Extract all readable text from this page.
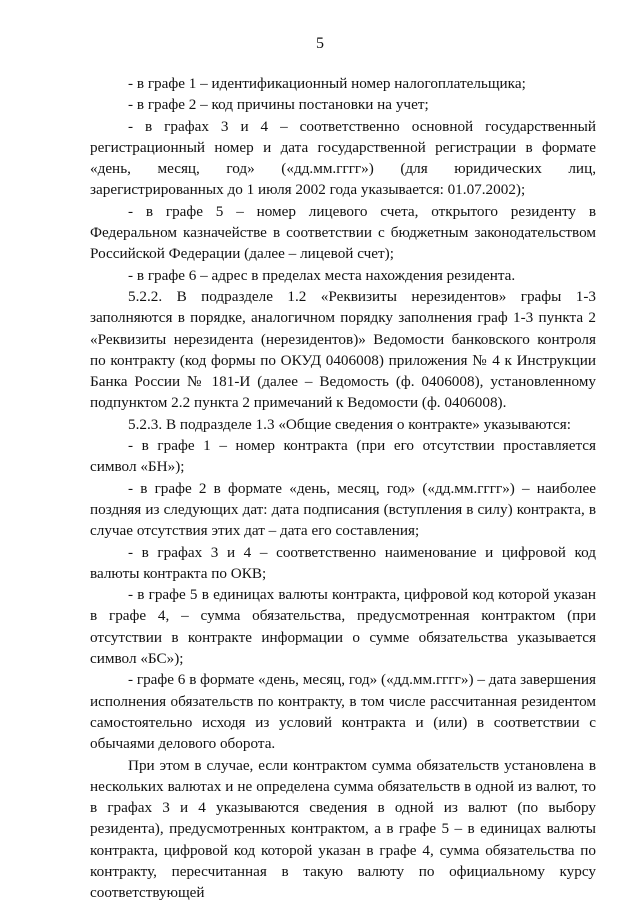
5

- в графе 1 – идентификационный номер налогоплательщика;

- в графе 2 – код причины постановки на учет;

- в графах 3 и 4 – соответственно основной государственный регистрационный номер и дата государственной регистрации в формате «день, месяц, год» («дд.мм.гггг») (для юридических лиц, зарегистрированных до 1 июля 2002 года указывается: 01.07.2002);

- в графе 5 – номер лицевого счета, открытого резиденту в Федеральном казначействе в соответствии с бюджетным законодательством Российской Федерации (далее – лицевой счет);

- в графе 6 – адрес в пределах места нахождения резидента.

5.2.2. В подразделе 1.2 «Реквизиты нерезидентов» графы 1-3 заполняются в порядке, аналогичном порядку заполнения граф 1-3 пункта 2 «Реквизиты нерезидента (нерезидентов)» Ведомости банковского контроля по контракту (код формы по ОКУД 0406008) приложения № 4 к Инструкции Банка России № 181-И (далее – Ведомость (ф. 0406008), установленному подпунктом 2.2 пункта 2 примечаний к Ведомости (ф. 0406008).

5.2.3. В подразделе 1.3 «Общие сведения о контракте» указываются:

- в графе 1 – номер контракта (при его отсутствии проставляется символ «БН»);

- в графе 2 в формате «день, месяц, год» («дд.мм.гггг») – наиболее поздняя из следующих дат: дата подписания (вступления в силу) контракта, в случае отсутствия этих дат – дата его составления;

- в графах 3 и 4 – соответственно наименование и цифровой код валюты контракта по ОКВ;

- в графе 5 в единицах валюты контракта, цифровой код которой указан в графе 4, – сумма обязательства, предусмотренная контрактом (при отсутствии в контракте информации о сумме обязательства указывается символ «БС»);

- графе 6 в формате «день, месяц, год» («дд.мм.гггг») – дата завершения исполнения обязательств по контракту, в том числе рассчитанная резидентом самостоятельно исходя из условий контракта и (или) в соответствии с обычаями делового оборота.

При этом в случае, если контрактом сумма обязательств установлена в нескольких валютах и не определена сумма обязательств в одной из валют, то в графах 3 и 4 указываются сведения в одной из валют (по выбору резидента), предусмотренных контрактом, а в графе 5 – в единицах валюты контракта, цифровой код которой указан в графе 4, сумма обязательства по контракту, пересчитанная в такую валюту по официальному курсу соответствующей
